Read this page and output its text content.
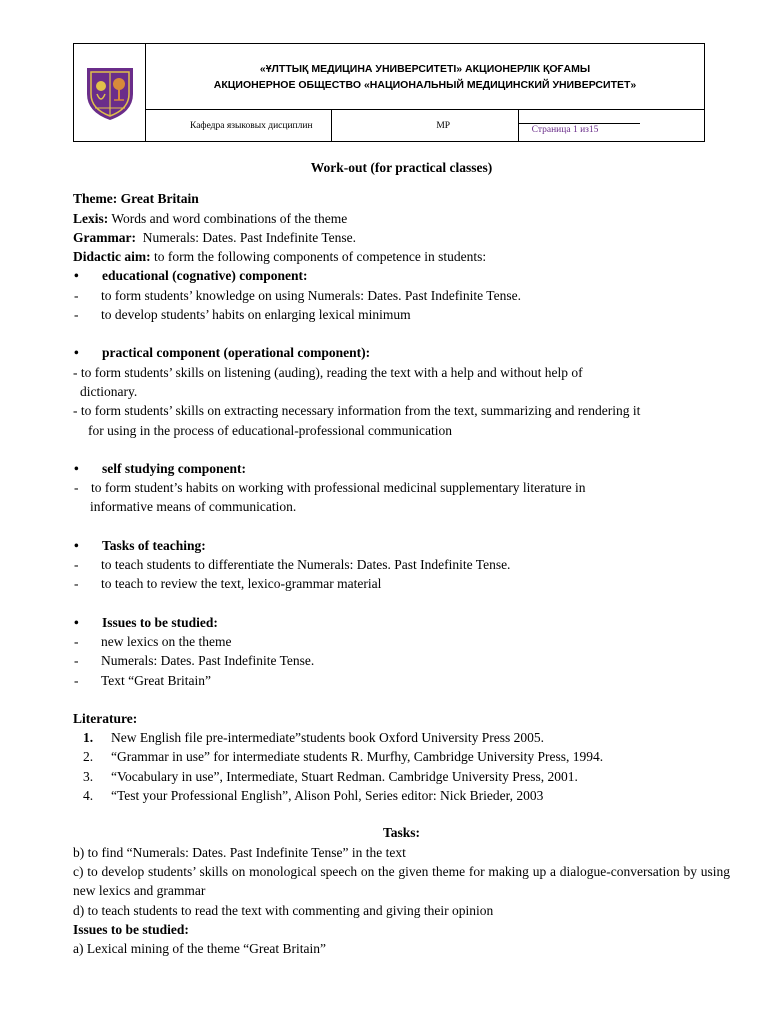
«ҰЛТТЫҚ МЕДИЦИНА УНИВЕРСИТЕТІ» АКЦИОНЕРЛІК ҚОҒАМЫ
АКЦИОНЕРНОЕ ОБЩЕСТВО «НАЦИОНАЛЬНЫЙ МЕДИЦИНСКИЙ УНИВЕРСИТЕТ»		

	Кафедра языковых дисциплин	МР	Страница 1 из15
Work-out (for practical classes)
Theme: Great Britain
Lexis: Words and word combinations of the theme
Grammar: Numerals: Dates. Past Indefinite Tense.
Didactic aim: to form the following components of competence in students:
•	educational (cognative) component:
-	to form students’ knowledge on using Numerals: Dates. Past Indefinite Tense.
-	to develop students’ habits on enlarging lexical minimum
•	practical component (operational component):
- to form students’ skills on listening (auding), reading the text with a help and without help of
dictionary.
- to form students’ skills on extracting necessary information from the text, summarizing and rendering it
for using in the process of educational-professional communication
•	self studying component:
- to form student’s habits on working with professional medicinal supplementary literature in
informative means of communication.
•	Tasks of teaching:
-	to teach students to differentiate the Numerals: Dates. Past Indefinite Tense.
-	to teach to review the text, lexico-grammar material
•	Issues to be studied:
-	new lexics on the theme
-	Numerals: Dates. Past Indefinite Tense.
-	Text “Great Britain”
Literature:
1.	New English file pre-intermediate”students book Oxford University Press 2005.
2.	“Grammar in use” for intermediate students R. Murfhy, Cambridge University Press, 1994.
3.	“Vocabulary in use”, Intermediate, Stuart Redman. Cambridge University Press, 2001.
4.	“Test your Professional English”, Alison Pohl, Series editor: Nick Brieder, 2003
Tasks:
b) to find “Numerals: Dates. Past Indefinite Tense” in the text
c) to develop students’ skills on monological speech on the given theme for making up a dialogue-conversation by using new lexics and grammar
d) to teach students to read the text with commenting and giving their opinion
Issues to be studied:
a) Lexical mining of the theme “Great Britain”
